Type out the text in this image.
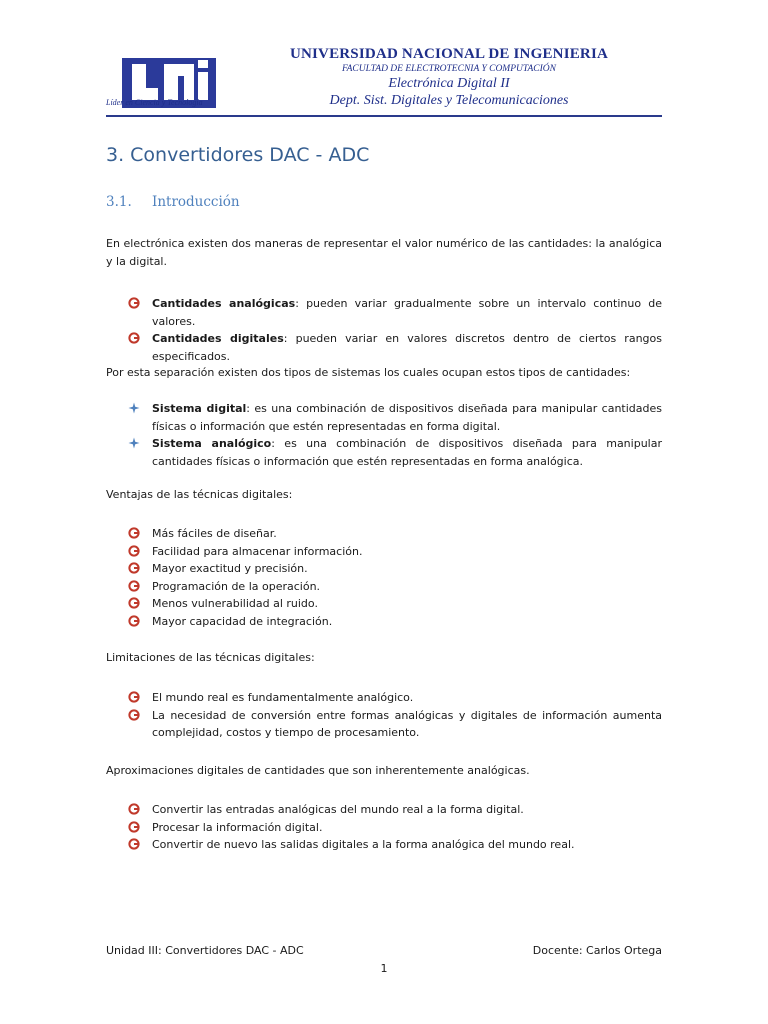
Líder en Ciencia y Tecnología
UNIVERSIDAD NACIONAL DE INGENIERIA
FACULTAD DE ELECTROTECNIA Y COMPUTACIÓN
Electrónica Digital II
Dept. Sist. Digitales y Telecomunicaciones
3. Convertidores DAC - ADC
3.1. Introducción
En electrónica existen dos maneras de representar el valor numérico de las cantidades: la analógica y la digital.
Cantidades analógicas: pueden variar gradualmente sobre un intervalo continuo de valores.
Cantidades digitales: pueden variar en valores discretos dentro de ciertos rangos especificados.
Por esta separación existen dos tipos de sistemas los cuales ocupan estos tipos de cantidades:
Sistema digital: es una combinación de dispositivos diseñada para manipular cantidades físicas o información que estén representadas en forma digital.
Sistema analógico: es una combinación de dispositivos diseñada para manipular cantidades físicas o información que estén representadas en forma analógica.
Ventajas de las técnicas digitales:
Más fáciles de diseñar.
Facilidad para almacenar información.
Mayor exactitud y precisión.
Programación de la operación.
Menos vulnerabilidad al ruido.
Mayor capacidad de integración.
Limitaciones de las técnicas digitales:
El mundo real es fundamentalmente analógico.
La necesidad de conversión entre formas analógicas y digitales de información aumenta complejidad, costos y tiempo de procesamiento.
Aproximaciones digitales de cantidades que son inherentemente analógicas.
Convertir las entradas analógicas del mundo real a la forma digital.
Procesar la información digital.
Convertir de nuevo las salidas digitales a la forma analógica del mundo real.
Unidad III: Convertidores DAC - ADC	Docente: Carlos Ortega
1
